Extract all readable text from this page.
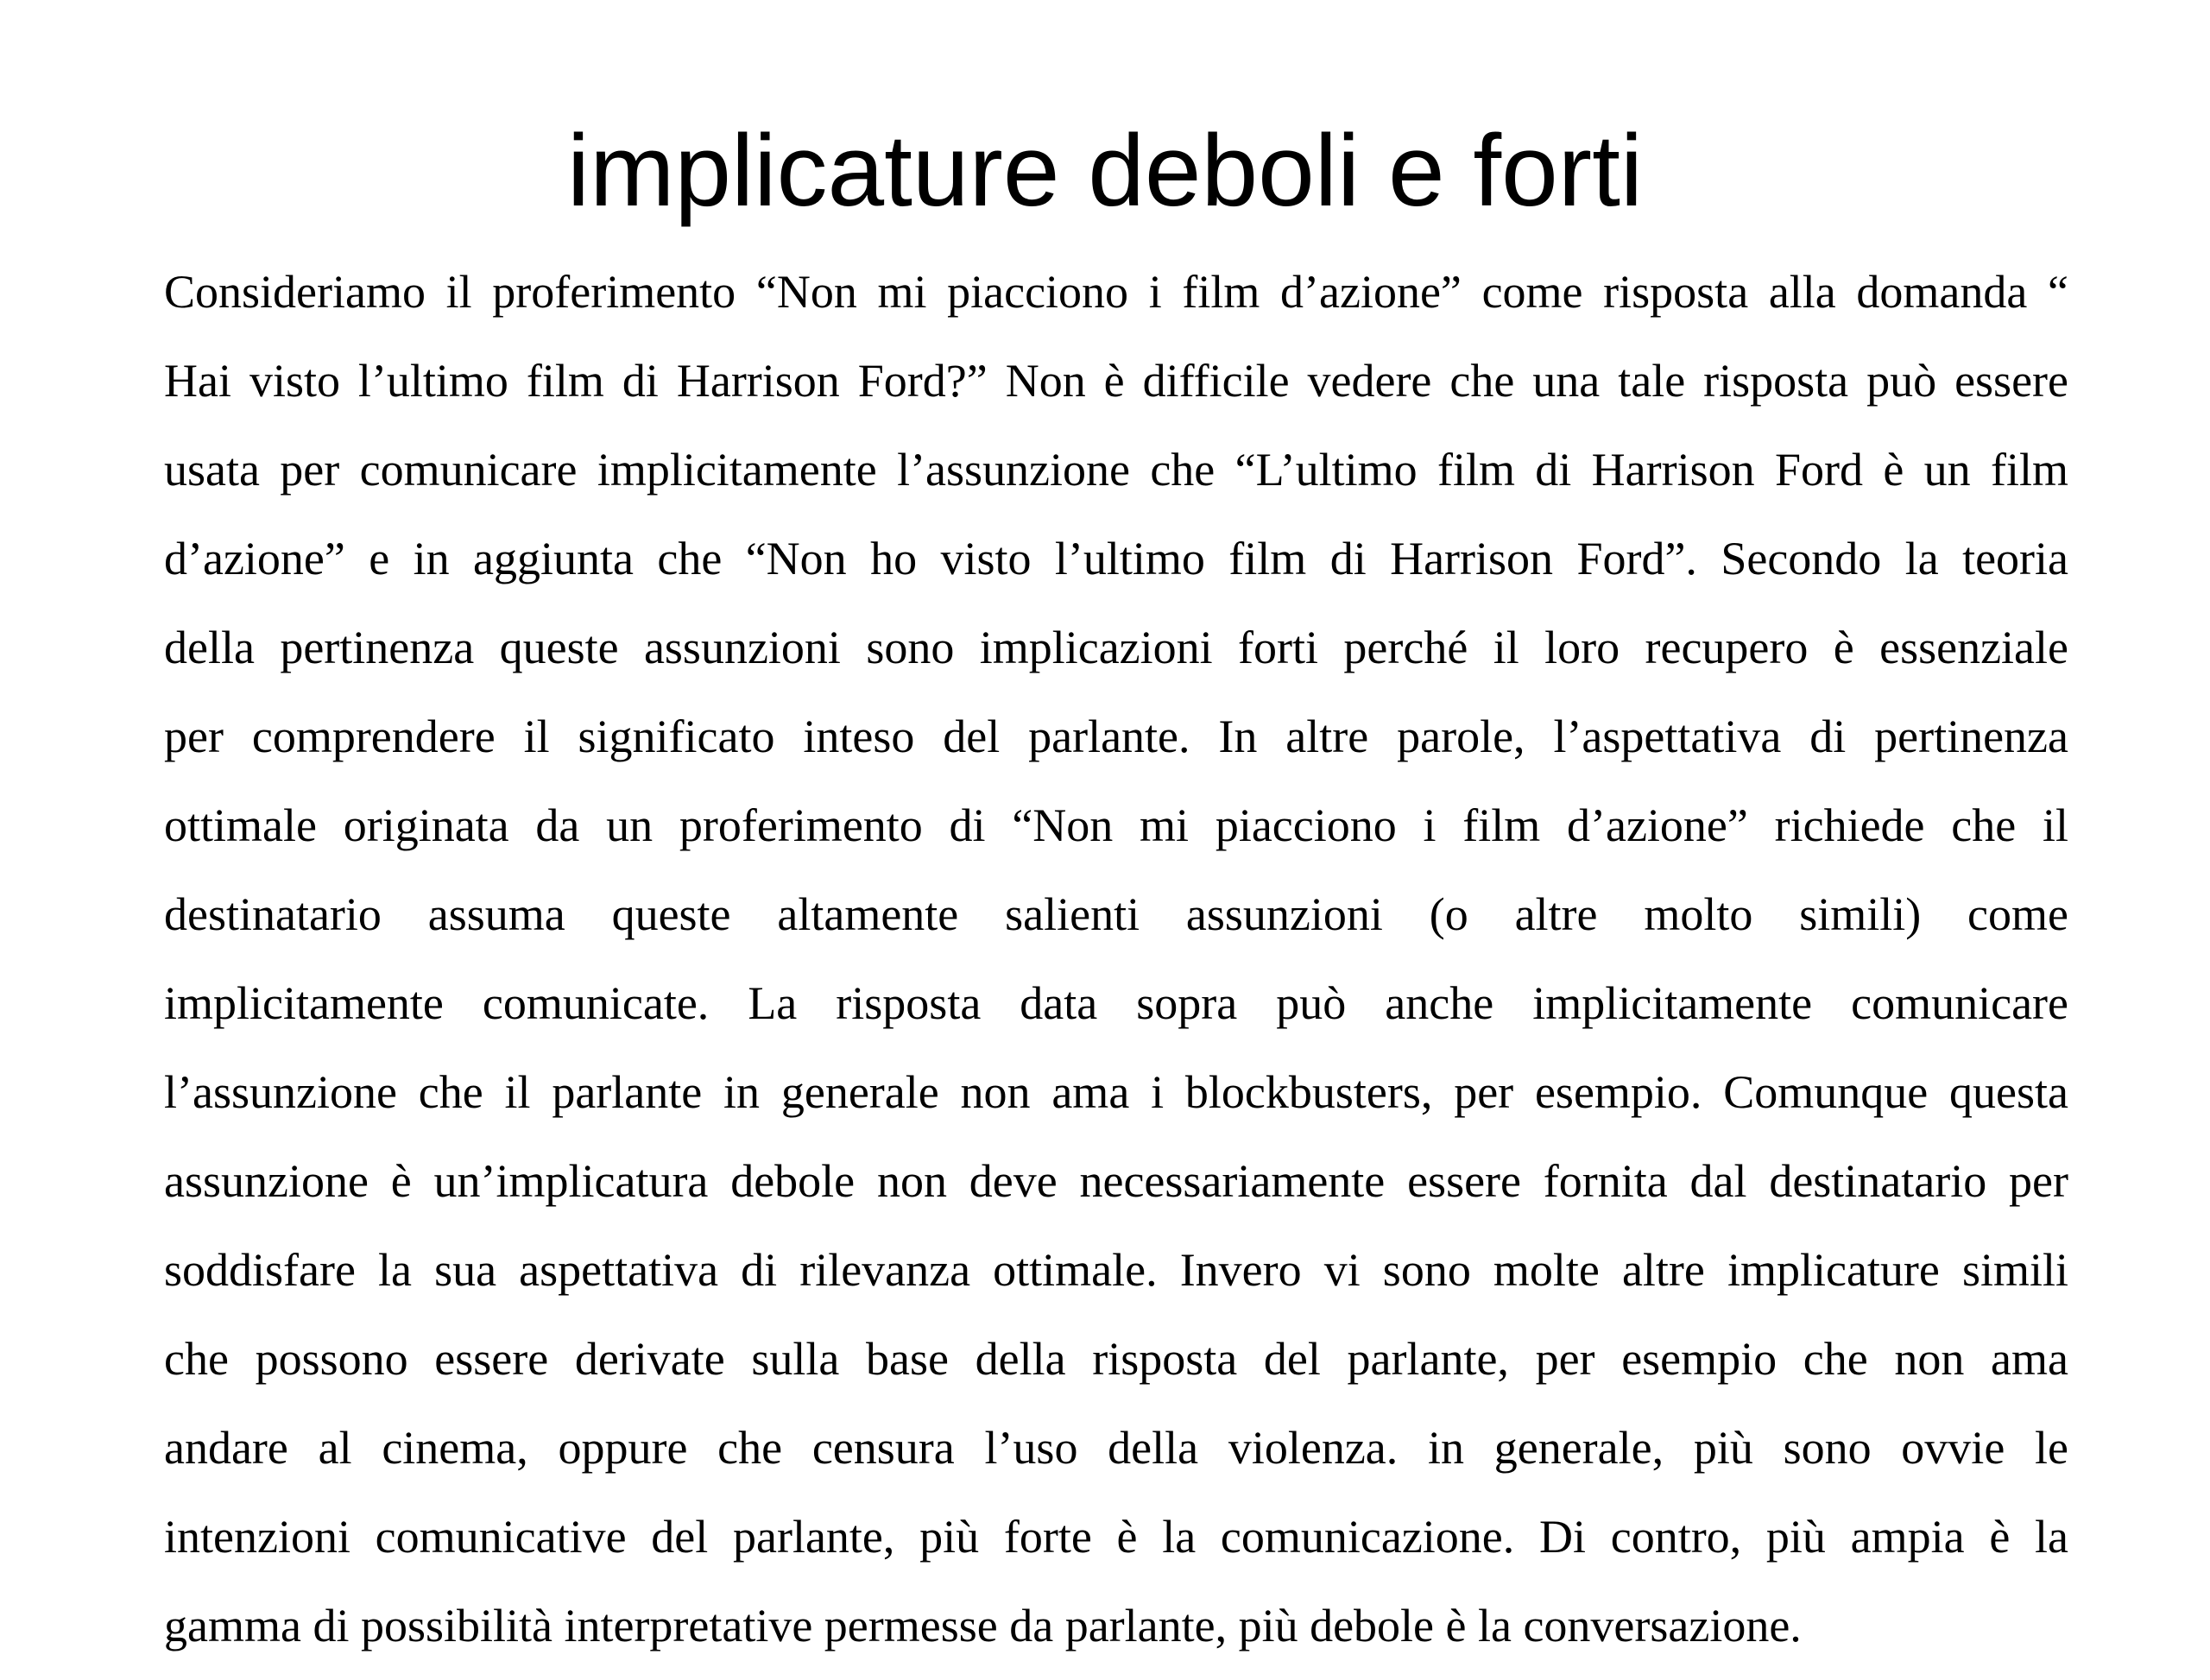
implicature deboli e forti
Consideriamo il proferimento “Non mi piacciono i film d’azione” come risposta alla domanda “
Hai visto l’ultimo film di Harrison Ford?” Non è difficile vedere che una tale risposta può essere
usata per comunicare implicitamente l’assunzione che “L’ultimo film di Harrison Ford è un film
d’azione” e in aggiunta che “Non ho visto l’ultimo film di Harrison Ford”. Secondo la teoria
della pertinenza queste assunzioni sono implicazioni forti perché il loro recupero è essenziale
per comprendere il significato inteso del parlante. In altre parole, l’aspettativa di pertinenza
ottimale originata da un proferimento di “Non mi piacciono i film d’azione” richiede che il
destinatario assuma queste altamente salienti assunzioni (o altre molto simili) come
implicitamente comunicate. La risposta data sopra può anche implicitamente comunicare
l’assunzione che il parlante in generale non ama i blockbusters, per esempio. Comunque questa
assunzione è un’implicatura debole non deve necessariamente essere fornita dal destinatario per
soddisfare la sua aspettativa di rilevanza ottimale. Invero vi sono molte altre implicature simili
che possono essere derivate sulla base della risposta del parlante, per esempio che non ama
andare al cinema, oppure che censura l’uso della violenza. in generale, più sono ovvie le
intenzioni comunicative del parlante, più forte è la comunicazione. Di contro, più ampia è la
gamma di possibilità interpretative permesse da parlante, più debole è la conversazione.
